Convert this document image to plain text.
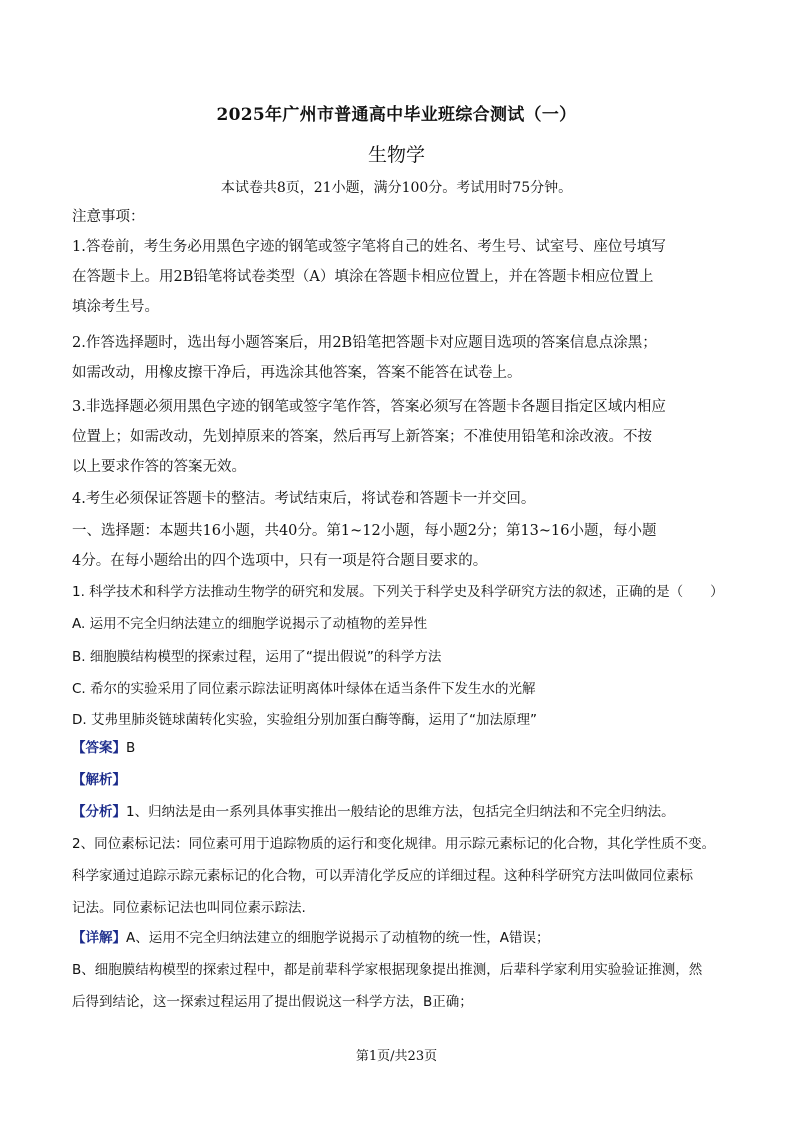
2025年广州市普通高中毕业班综合测试（一）
生物学
本试卷共8页，21小题，满分100分。考试用时75分钟。
注意事项：
1.答卷前，考生务必用黑色字迹的钢笔或签字笔将自己的姓名、考生号、试室号、座位号填写
在答题卡上。用2B铅笔将试卷类型（A）填涂在答题卡相应位置上，并在答题卡相应位置上
填涂考生号。
2.作答选择题时，选出每小题答案后，用2B铅笔把答题卡对应题目选项的答案信息点涂黑；
如需改动，用橡皮擦干净后，再选涂其他答案，答案不能答在试卷上。
3.非选择题必须用黑色字迹的钢笔或签字笔作答，答案必须写在答题卡各题目指定区域内相应
位置上；如需改动，先划掉原来的答案，然后再写上新答案；不准使用铅笔和涂改液。不按
以上要求作答的答案无效。
4.考生必须保证答题卡的整洁。考试结束后，将试卷和答题卡一并交回。
一、选择题：本题共16小题，共40分。第1~12小题，每小题2分；第13~16小题，每小题
4分。在每小题给出的四个选项中，只有一项是符合题目要求的。
1. 科学技术和科学方法推动生物学的研究和发展。下列关于科学史及科学研究方法的叙述，正确的是（　　）
A. 运用不完全归纳法建立的细胞学说揭示了动植物的差异性
B. 细胞膜结构模型的探索过程，运用了“提出假说”的科学方法
C. 希尔的实验采用了同位素示踪法证明离体叶绿体在适当条件下发生水的光解
D. 艾弗里肺炎链球菌转化实验，实验组分别加蛋白酶等酶，运用了“加法原理”
【答案】B
【解析】
【分析】1、归纳法是由一系列具体事实推出一般结论的思维方法，包括完全归纳法和不完全归纳法。
2、同位素标记法：同位素可用于追踪物质的运行和变化规律。用示踪元素标记的化合物，其化学性质不变。
科学家通过追踪示踪元素标记的化合物，可以弄清化学反应的详细过程。这种科学研究方法叫做同位素标
记法。同位素标记法也叫同位素示踪法.
【详解】A、运用不完全归纳法建立的细胞学说揭示了动植物的统一性，A错误；
B、细胞膜结构模型的探索过程中，都是前辈科学家根据现象提出推测，后辈科学家利用实验验证推测，然
后得到结论，这一探索过程运用了提出假说这一科学方法，B正确；
第1页/共23页
